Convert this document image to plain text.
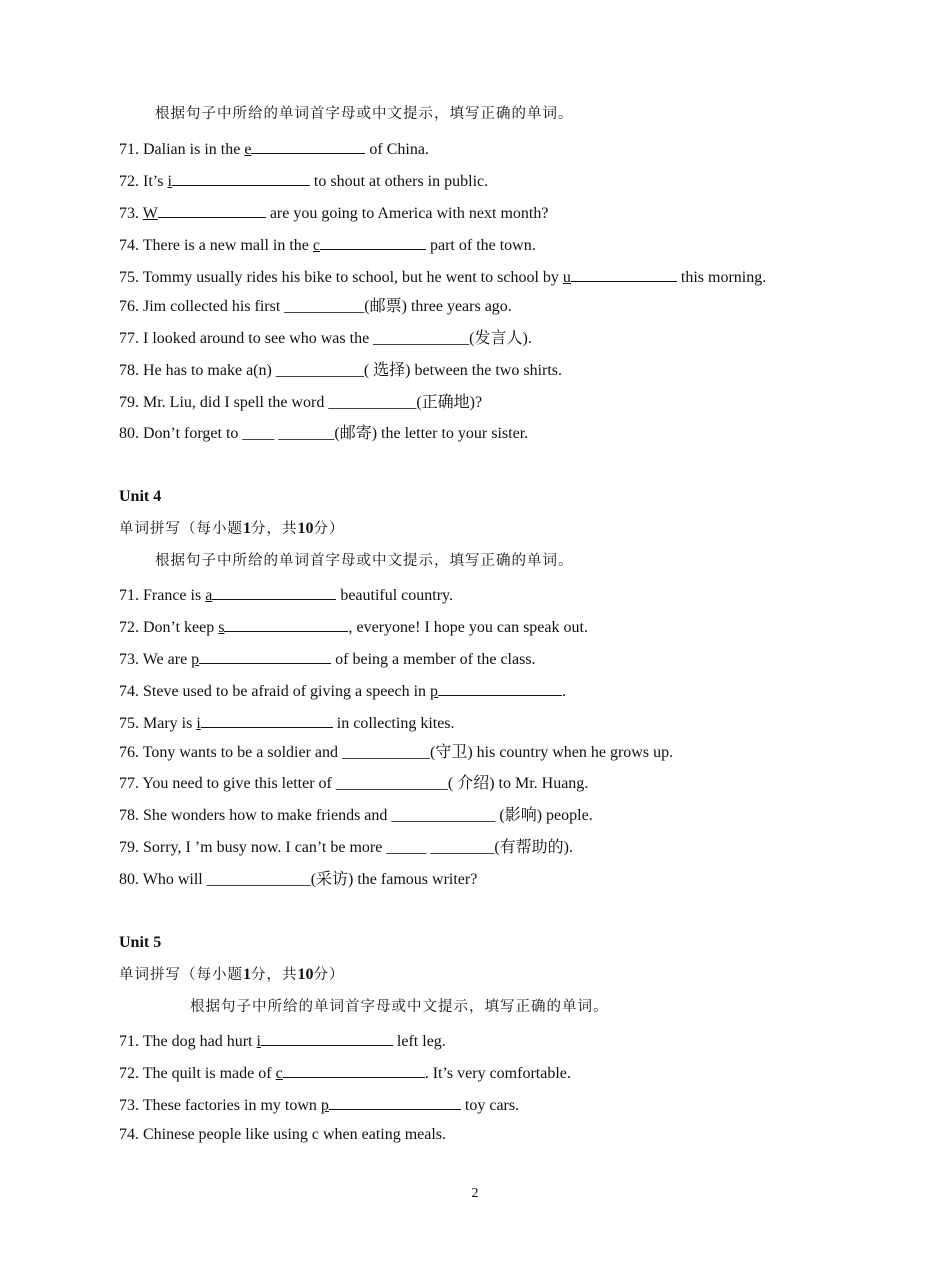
根据句子中所给的单词首字母或中文提示，填写正确的单词。
71. Dalian is in the e	of China.
72. It’s i	to shout at others in public.
73. W	are you going to America with next month?
74. There is a new mall in the c	part of the town.
75. Tommy usually rides his bike to school, but he went to school by u	this morning.
76. Jim collected his first __________(邮票) three years ago.
77. I looked around to see who was the ____________(发言人).
78. He has to make a(n) ___________( 选择) between the two shirts.
79. Mr. Liu, did I spell the word ___________(正确地)?
80. Don’t forget to ____ _______(邮寄) the letter to your sister.
Unit 4
单词拼写（每小题1分，共10分）
根据句子中所给的单词首字母或中文提示，填写正确的单词。
71. France is a	beautiful country.
72. Don’t keep s	, everyone! I hope you can speak out.
73. We are p	of being a member of the class.
74. Steve used to be afraid of giving a speech in p	.
75. Mary is i	in collecting kites.
76. Tony wants to be a soldier and ___________(守卫) his country when he grows up.
77. You need to give this letter of ______________( 介绍) to Mr. Huang.
78. She wonders how to make friends and _____________ (影响) people.
79. Sorry, I ’m busy now. I can’t be more _____ ________(有帮助的).
80. Who will _____________(采访) the famous writer?
Unit 5
单词拼写（每小题1分，共10分）
根据句子中所给的单词首字母或中文提示，填写正确的单词。
71. The dog had hurt i	left leg.
72. The quilt is made of c	. It’s very comfortable.
73. These factories in my town p	toy cars.
74. Chinese people like using c when eating meals.
2
